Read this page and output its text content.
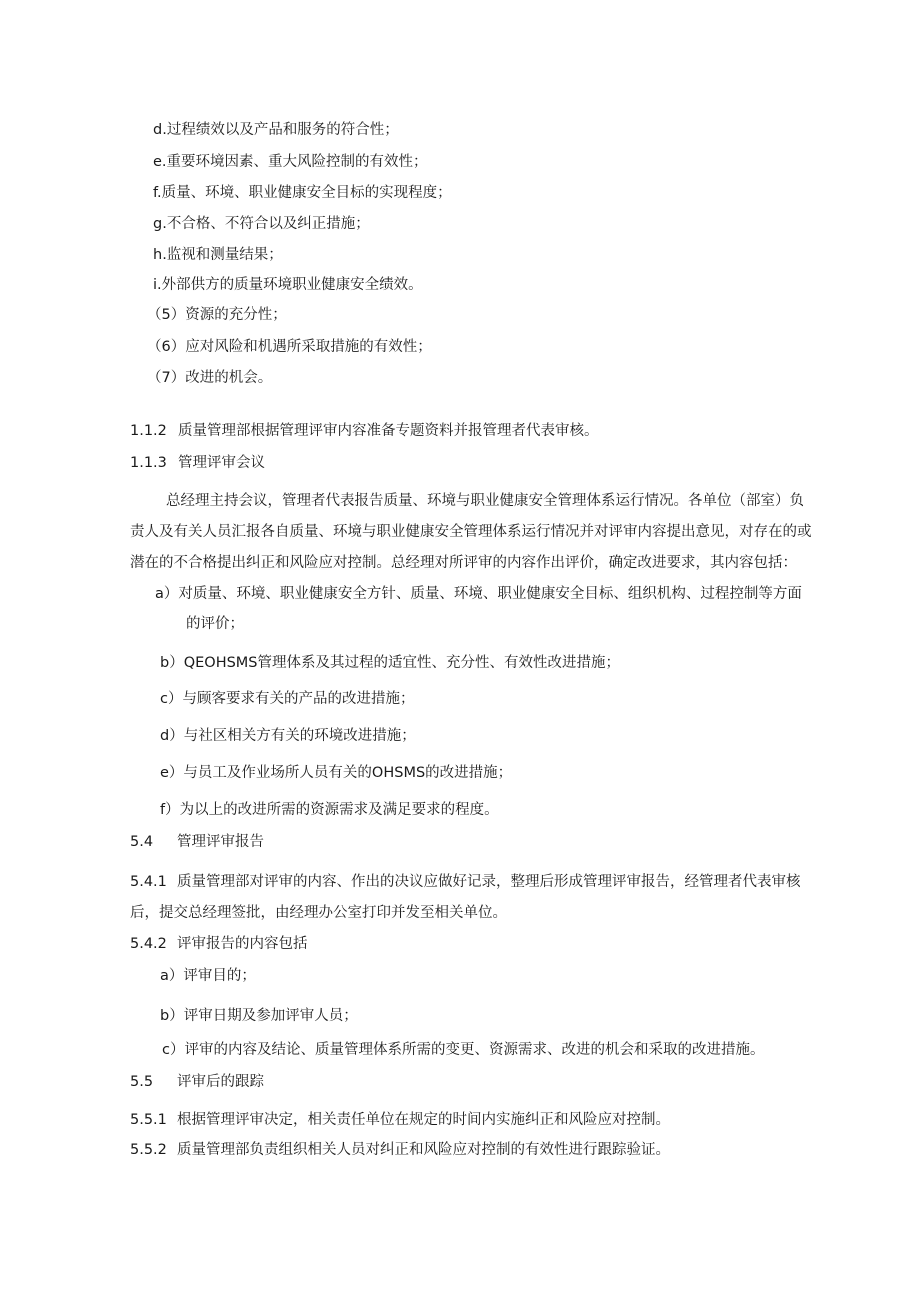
d.过程绩效以及产品和服务的符合性；
e.重要环境因素、重大风险控制的有效性；
f.质量、环境、职业健康安全目标的实现程度；
g.不合格、不符合以及纠正措施；
h.监视和测量结果；
i.外部供方的质量环境职业健康安全绩效。
（5）资源的充分性；
（6）应对风险和机遇所采取措施的有效性；
（7）改进的机会。
1.1.2 质量管理部根据管理评审内容准备专题资料并报管理者代表审核。
1.1.3 管理评审会议
总经理主持会议，管理者代表报告质量、环境与职业健康安全管理体系运行情况。各单位（部室）负
责人及有关人员汇报各自质量、环境与职业健康安全管理体系运行情况并对评审内容提出意见，对存在的或
潜在的不合格提出纠正和风险应对控制。总经理对所评审的内容作出评价，确定改进要求，其内容包括：
a）对质量、环境、职业健康安全方针、质量、环境、职业健康安全目标、组织机构、过程控制等方面
的评价；
b）QEOHSMS管理体系及其过程的适宜性、充分性、有效性改进措施；
c）与顾客要求有关的产品的改进措施；
d）与社区相关方有关的环境改进措施；
e）与员工及作业场所人员有关的OHSMS的改进措施；
f）为以上的改进所需的资源需求及满足要求的程度。
5.4 管理评审报告
5.4.1 质量管理部对评审的内容、作出的决议应做好记录，整理后形成管理评审报告，经管理者代表审核
后，提交总经理签批，由经理办公室打印并发至相关单位。
5.4.2 评审报告的内容包括
a）评审目的；
b）评审日期及参加评审人员；
c）评审的内容及结论、质量管理体系所需的变更、资源需求、改进的机会和采取的改进措施。
5.5 评审后的跟踪
5.5.1 根据管理评审决定，相关责任单位在规定的时间内实施纠正和风险应对控制。
5.5.2 质量管理部负责组织相关人员对纠正和风险应对控制的有效性进行跟踪验证。
